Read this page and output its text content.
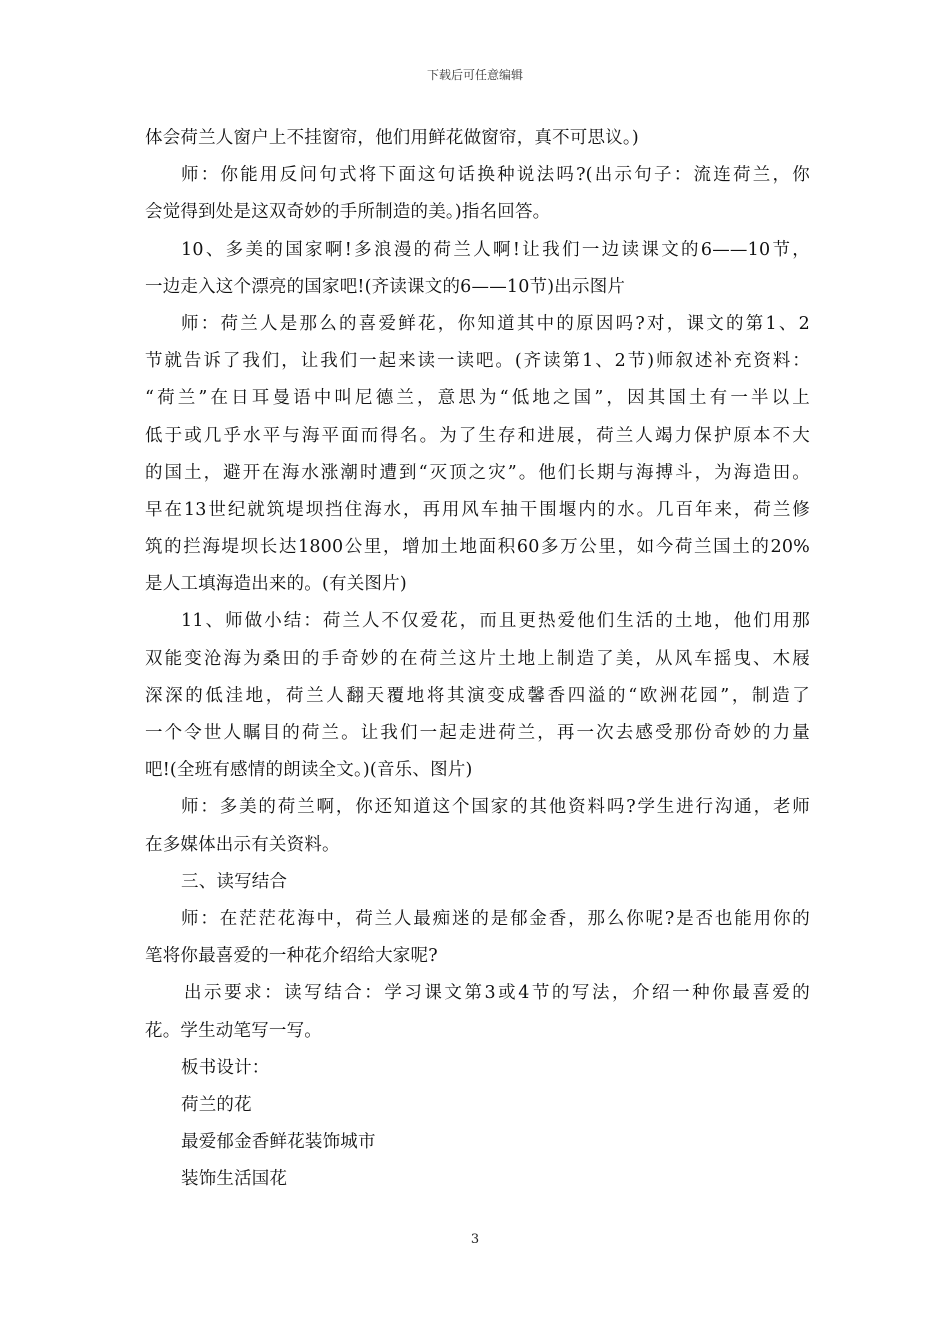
下载后可任意编辑
体会荷兰人窗户上不挂窗帘，他们用鲜花做窗帘，真不可思议。)
师：你能用反问句式将下面这句话换种说法吗?(出示句子：流连荷兰，你
会觉得到处是这双奇妙的手所制造的美。)指名回答。
10、多美的国家啊!多浪漫的荷兰人啊!让我们一边读课文的6——10节，
一边走入这个漂亮的国家吧!(齐读课文的6——10节)出示图片
师：荷兰人是那么的喜爱鲜花，你知道其中的原因吗?对，课文的第1、2
节就告诉了我们，让我们一起来读一读吧。(齐读第1、2节)师叙述补充资料：
“荷兰”在日耳曼语中叫尼德兰，意思为“低地之国”，因其国土有一半以上
低于或几乎水平与海平面而得名。为了生存和进展，荷兰人竭力保护原本不大
的国土，避开在海水涨潮时遭到“灭顶之灾”。他们长期与海搏斗，为海造田。
早在13世纪就筑堤坝挡住海水，再用风车抽干围堰内的水。几百年来，荷兰修
筑的拦海堤坝长达1800公里，增加土地面积60多万公里，如今荷兰国土的20%
是人工填海造出来的。(有关图片)
11、师做小结：荷兰人不仅爱花，而且更热爱他们生活的土地，他们用那
双能变沧海为桑田的手奇妙的在荷兰这片土地上制造了美，从风车摇曳、木屐
深深的低洼地，荷兰人翻天覆地将其演变成馨香四溢的“欧洲花园”，制造了
一个令世人瞩目的荷兰。让我们一起走进荷兰，再一次去感受那份奇妙的力量
吧!(全班有感情的朗读全文。)(音乐、图片)
师：多美的荷兰啊，你还知道这个国家的其他资料吗?学生进行沟通，老师
在多媒体出示有关资料。
三、读写结合
师：在茫茫花海中，荷兰人最痴迷的是郁金香，那么你呢?是否也能用你的
笔将你最喜爱的一种花介绍给大家呢?
出示要求：读写结合：学习课文第3或4节的写法，介绍一种你最喜爱的
花。学生动笔写一写。
板书设计：
荷兰的花
最爱郁金香鲜花装饰城市
装饰生活国花
3
